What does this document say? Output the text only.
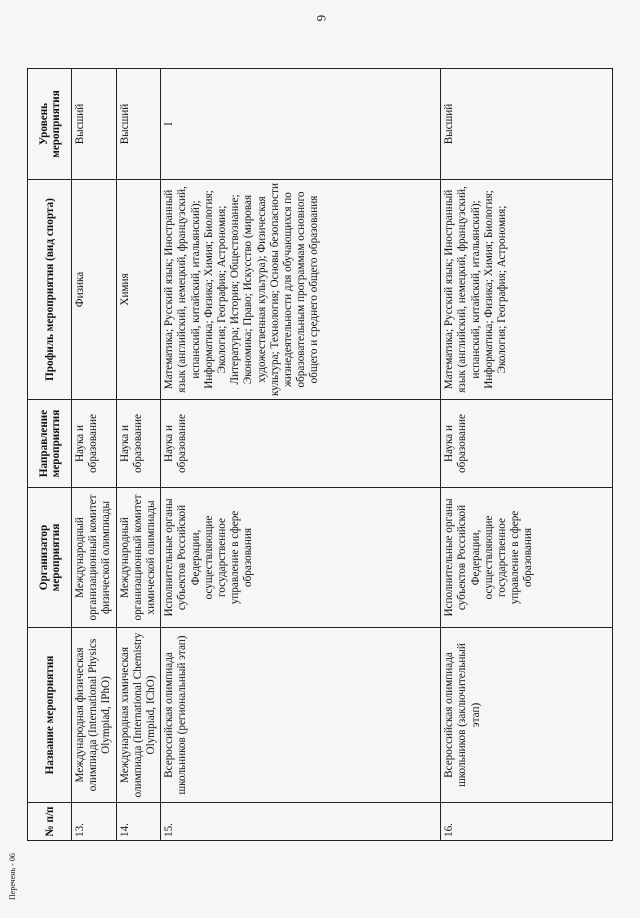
6
№ п/п	Название мероприятия	Организатор мероприятия	Направление мероприятия	Профиль мероприятия (вид спорта)	Уровень мероприятия
13.	Международная физическая олимпиада (International Physics Olympiad, IPhO)	Международный организационный комитет физической олимпиады	Наука и образование	Физика	Высший
14.	Международная химическая олимпиада (International Chemistry Olympiad, IChO)	Международный организационный комитет химической олимпиады	Наука и образование	Химия	Высший
15.	Всероссийская олимпиада школьников (региональный этап)	Исполнительные органы субъектов Российской Федерации, осуществляющие государственное управление в сфере образования	Наука и образование	Математика; Русский язык; Иностранный язык (английский, немецкий, французский, испанский, китайский, итальянский); Информатика; Физика; Химия; Биология; Экология; География; Астрономия; Литература; История; Обществознание; Экономика; Право; Искусство (мировая художественная культура); Физическая культура; Технология; Основы безопасности жизнедеятельности для обучающихся по образовательным программам основного общего и среднего общего образования	I
16.	Всероссийская олимпиада школьников (заключительный этап)	Исполнительные органы субъектов Российской Федерации, осуществляющие государственное управление в сфере образования	Наука и образование	Математика; Русский язык; Иностранный язык (английский, немецкий, французский, испанский, китайский, итальянский); Информатика; Физика; Химия; Биология; Экология; География; Астрономия;	Высший
Перечень - 06
